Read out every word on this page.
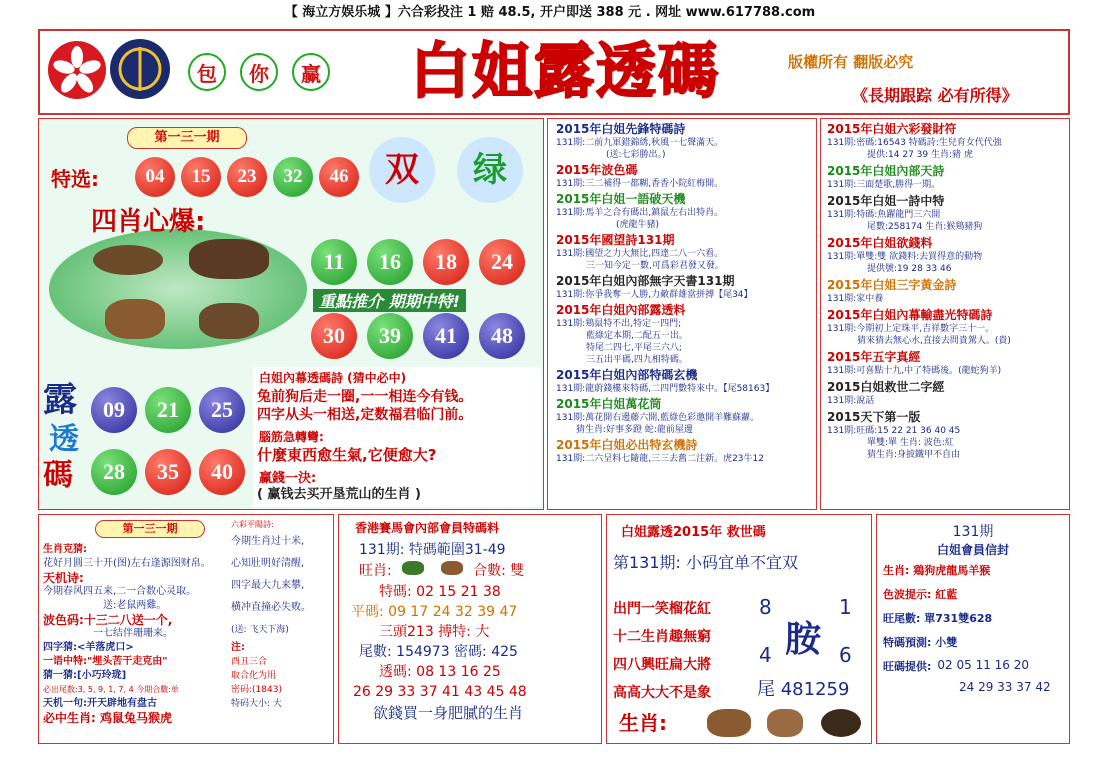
【 海立方娱乐城 】六合彩投注 1 赔 48.5, 开户即送 388 元 . 网址 www.617788.com
包	你	赢	白姐露透碼	版權所有 翻版必究
《長期跟踪 必有所得》
第一三一期
特选:	04	15	23	32	46	双	绿
四肖心爆:
11	16	18	24
重點推介 期期中特!
30	39	41	48
露
透
碼
09	21	25
28	35	40
白姐內幕透碼詩 (猜中必中)
兔前狗后走一圈,一一相连今有钱。
四字从头一相送,定数福君临门前。
腦筋急轉彎:
什麼東西愈生氣,它便愈大?
赢錢一決:
( 赢钱去买开垦荒山的生肖 )
2015年白姐先鋒特碼詩
131期:二前九軍錯錦綉,秋風一七聲滿天。
(送:七彩勝出。)
2015年波色碼
131期:三二補得一都糊,香香小院紅梅開。
2015年白姐一語破天機
131期:馬羊之合有碼出,鎮鼠左右出特肖。
(虎龍牛豬)
2015年國望詩131期
131期:國望之力大無比,四達二八一六看。
三一知今定一數,可爲彩君發又發。
2015年白姐內部無字天書131期
131期:你爭我奪一人勝,力敵群雄當拼搏【尾34】
2015年白姐內部露透料
131期:鶏鼠特不出,特定一四門;
藍綠定本期,二配五一出。
特尾二四七,平尾三六八;
三五出平碼,四九相特碼。
2015年白姐內部特碼玄機
131期:龍蔚錢樓來特碼,二四門數特來中。【尾58163】
2015年白姐萬花筒
131期:萬花開右邊藤六開,藍綠色彩邀開羊難蘇蘿。
猜生肖:好事多蹬 蛇:龍前屋邊
2015年白姐必出特玄機詩
131期:二六呈料七隨龍,三三去舊二注新。虎23牛12
2015年白姐六彩發財符
131期:密碼:16543 特碼詩:生兒育女代代強
提供:14 27 39 生肖:豬 虎
2015年白姐內部天詩
131期:三面楚歌,勝得一期。
2015年白姐一詩中特
131期:特碼:魚躍龍門三六開
尾數:258174 生肖:猴鶏豬狗
2015年白姐欲錢料
131期:單雙:雙 欲錢料:去買得意的動物
提供號:19 28 33 46
2015年白姐三字黃金詩
131期:家中養
2015年白姐內幕輸盡光特碼詩
131期:今期初上定珠平,吉祥數字三十一。
猜來猜去無心水,直接去問貴駕人。(貴)
2015年五字真經
131期:可喜點十九,中了特碼後。(龍蛇狗羊)
2015白姐救世二字經
131期:說話
2015天下第一版
131期:旺碼:15 22 21 36 40 45
單雙:單 生肖: 波色:紅
猜生肖:身披鐵甲不自由
第一三一期
生肖克猜:
花好月圓三十开(图)左右逢源图财帛。
天机诗:
今期春风四五来,二一合数心灵取。
送:老鼠两雞。
波色码:十三二八送一个,
一七结伴珊珊来。
四字猜:<羊落虎口>
一语中特:"埋头苦干走克由"
猜一猜:[小巧玲珑]
必出尾数:3, 5, 9, 1, 7, 4 今期合數:单
天机一句:开天辟地有盘古
必中生肖: 鸡鼠兔马猴虎
六彩平陽詩:
今期生肖过十米,
心知肚明好清醒,
四字最大九来攀,
横冲直撞必失败。
(送: 飞天下海)
注:
酉丑三合
取合化为用
密码:(1843)
特码大小: 大
香港賽馬會內部會員特碼料
131期: 特碼範圍31-49
旺肖:	合數: 雙
特碼: 02 15 21 38
平碼: 09 17 24 32 39 47
三頭213 搏特: 大
尾數: 154973 密碼: 425
透碼: 08 13 16 25
26 29 33 37 41 43 45 48
欲錢買一身肥膩的生肖
白姐露透2015年 救世碼
第131期: 小码宜单不宜双
出門一笑榴花紅
十二生肖趣無窮
四八興旺扁大將
高高大大不是象
8	1
胺
4	6
尾 481259
生肖:
131期
白姐會員信封
生肖: 鶏狗虎龍馬羊猴
色波提示: 紅藍
旺尾數: 單731雙628
特碼預測: 小雙
旺碼提供: 02 05 11 16 20
24 29 33 37 42
